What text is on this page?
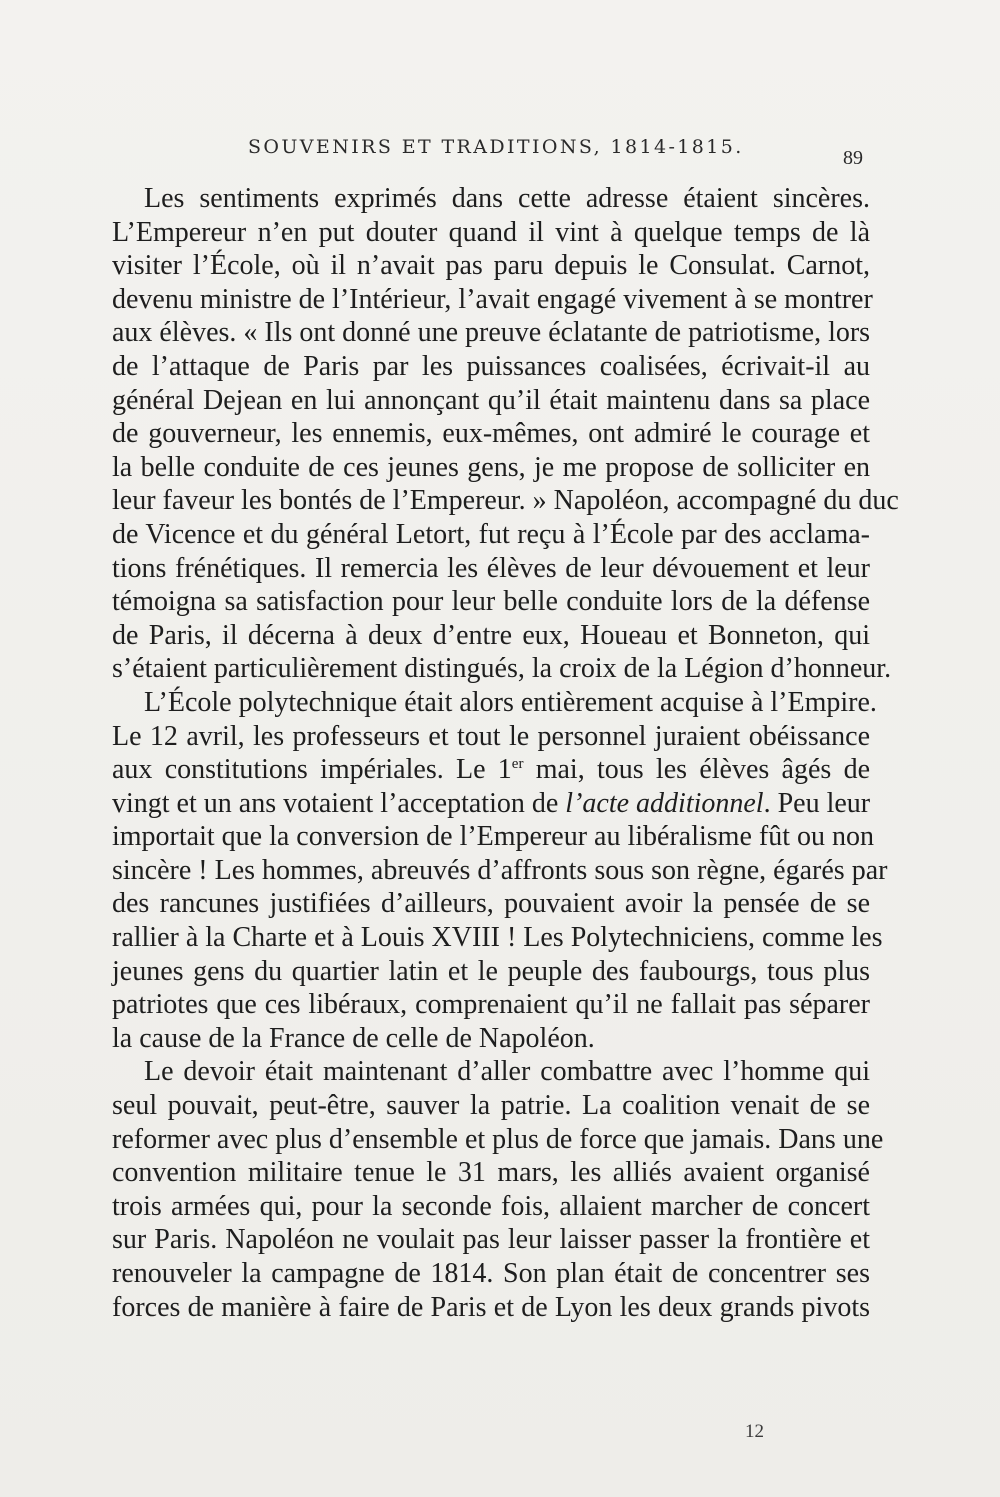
SOUVENIRS ET TRADITIONS, 1814-1815.	89
Les sentiments exprimés dans cette adresse étaient sincères.
L’Empereur n’en put douter quand il vint à quelque temps de là
visiter l’École, où il n’avait pas paru depuis le Consulat. Carnot,
devenu ministre de l’Intérieur, l’avait engagé vivement à se montrer
aux élèves. « Ils ont donné une preuve éclatante de patriotisme, lors
de l’attaque de Paris par les puissances coalisées, écrivait-il au
général Dejean en lui annonçant qu’il était maintenu dans sa place
de gouverneur, les ennemis, eux-mêmes, ont admiré le courage et
la belle conduite de ces jeunes gens, je me propose de solliciter en
leur faveur les bontés de l’Empereur. » Napoléon, accompagné du duc
de Vicence et du général Letort, fut reçu à l’École par des acclama-
tions frénétiques. Il remercia les élèves de leur dévouement et leur
témoigna sa satisfaction pour leur belle conduite lors de la défense
de Paris, il décerna à deux d’entre eux, Houeau et Bonneton, qui
s’étaient particulièrement distingués, la croix de la Légion d’honneur.
L’École polytechnique était alors entièrement acquise à l’Empire.
Le 12 avril, les professeurs et tout le personnel juraient obéissance
aux constitutions impériales. Le 1er mai, tous les élèves âgés de
vingt et un ans votaient l’acceptation de l’acte additionnel. Peu leur
importait que la conversion de l’Empereur au libéralisme fût ou non
sincère ! Les hommes, abreuvés d’affronts sous son règne, égarés par
des rancunes justifiées d’ailleurs, pouvaient avoir la pensée de se
rallier à la Charte et à Louis XVIII ! Les Polytechniciens, comme les
jeunes gens du quartier latin et le peuple des faubourgs, tous plus
patriotes que ces libéraux, comprenaient qu’il ne fallait pas séparer
la cause de la France de celle de Napoléon.
Le devoir était maintenant d’aller combattre avec l’homme qui
seul pouvait, peut-être, sauver la patrie. La coalition venait de se
reformer avec plus d’ensemble et plus de force que jamais. Dans une
convention militaire tenue le 31 mars, les alliés avaient organisé
trois armées qui, pour la seconde fois, allaient marcher de concert
sur Paris. Napoléon ne voulait pas leur laisser passer la frontière et
renouveler la campagne de 1814. Son plan était de concentrer ses
forces de manière à faire de Paris et de Lyon les deux grands pivots
12
